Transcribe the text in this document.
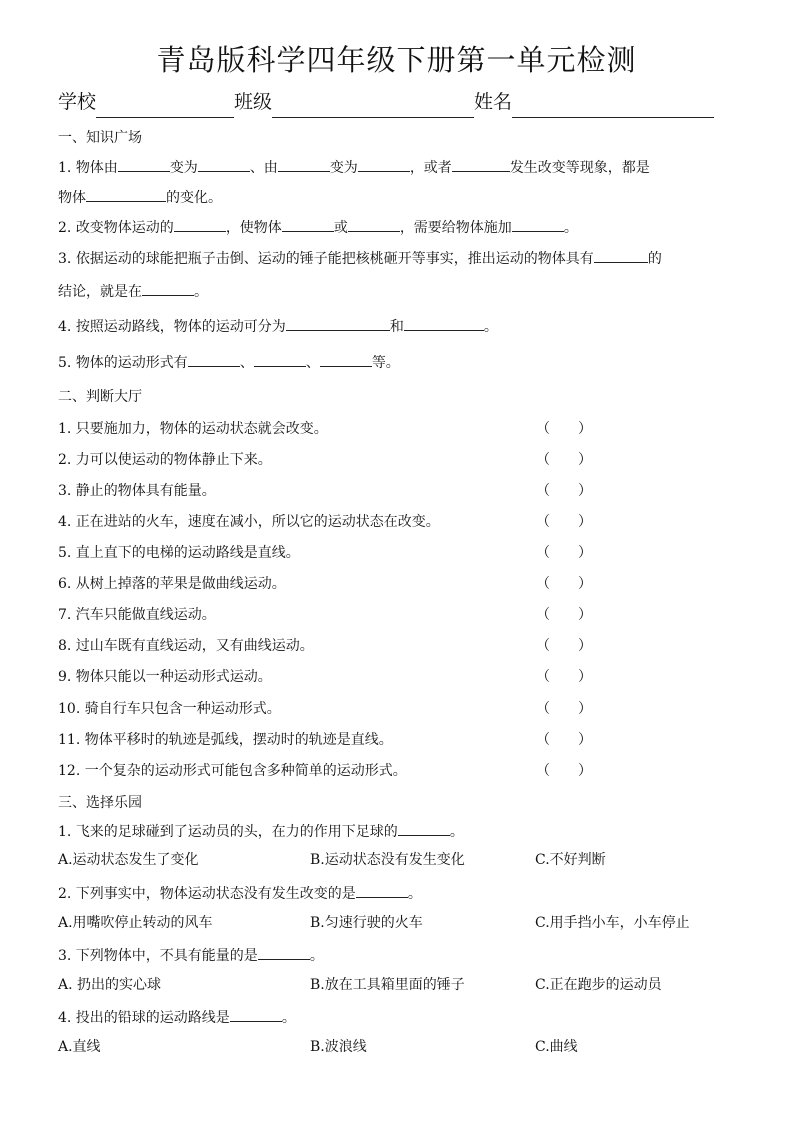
青岛版科学四年级下册第一单元检测
学校	班级	姓名
一、知识广场
1. 物体由	变为	、由	变为	，或者	发生改变等现象，都是
物体	的变化。
2. 改变物体运动的	，使物体	或	，需要给物体施加	。
3. 依据运动的球能把瓶子击倒、运动的锤子能把核桃砸开等事实，推出运动的物体具有	的
结论，就是在	。
4. 按照运动路线，物体的运动可分为	和	。
5. 物体的运动形式有	、	、	等。
二、判断大厅
1. 只要施加力，物体的运动状态就会改变。	（　　）
2. 力可以使运动的物体静止下来。	（　　）
3. 静止的物体具有能量。	（　　）
4. 正在进站的火车，速度在减小，所以它的运动状态在改变。	（　　）
5. 直上直下的电梯的运动路线是直线。	（　　）
6. 从树上掉落的苹果是做曲线运动。	（　　）
7. 汽车只能做直线运动。	（　　）
8. 过山车既有直线运动，又有曲线运动。	（　　）
9. 物体只能以一种运动形式运动。	（　　）
10. 骑自行车只包含一种运动形式。	（　　）
11. 物体平移时的轨迹是弧线，摆动时的轨迹是直线。	（　　）
12. 一个复杂的运动形式可能包含多种简单的运动形式。	（　　）
三、选择乐园
1. 飞来的足球碰到了运动员的头，在力的作用下足球的	。
A.运动状态发生了变化	B.运动状态没有发生变化	C.不好判断
2. 下列事实中，物体运动状态没有发生改变的是	。
A.用嘴吹停止转动的风车	B.匀速行驶的火车	C.用手挡小车，小车停止
3. 下列物体中，不具有能量的是	。
A. 扔出的实心球	B.放在工具箱里面的锤子	C.正在跑步的运动员
4. 投出的铅球的运动路线是	。
A.直线	B.波浪线	C.曲线
